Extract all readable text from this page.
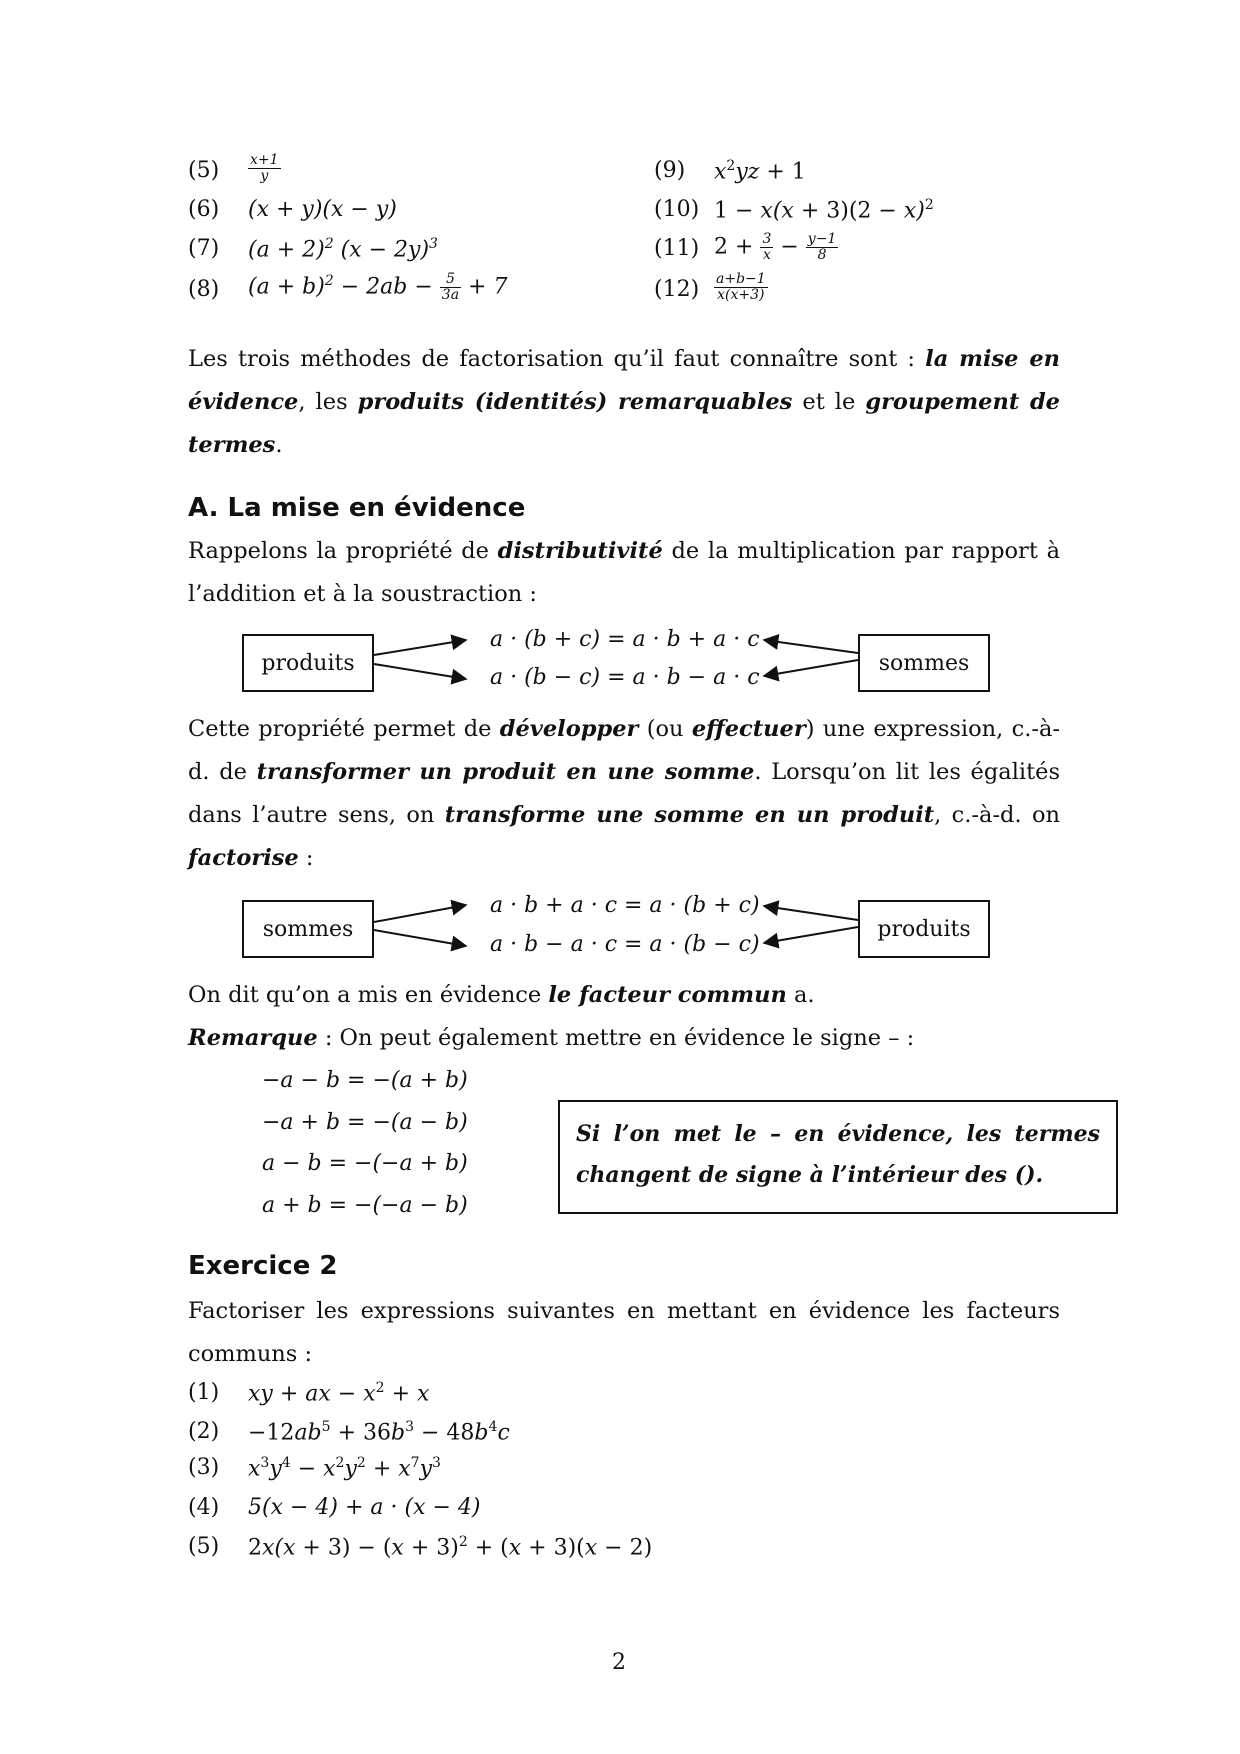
$(5) \frac{x+1}{y}$
(6) (x + y)(x − y)
(7) $(a + 2)^2$ $(x - 2y)^3$
(8) $(a + b)^2 - 2ab - \frac{5}{3a} + 7$
(9) $x^2yz + 1$
(10) $1 - x(x + 3)(2 - x)^2$
(11) $2 + \frac{3}{x} - \frac{y-1}{8}$
$(12) \frac{a+b-1}{x(x+3)}$

Les trois méthodes de factorisation qu’il faut connaître sont : la mise en évidence, les produits (identités) remarquables et le groupement de termes.

A. La mise en évidence

Rappelons la propriété de distributivité de la multiplication par rapport à l’addition et à la soustraction :

produits
a · (b + c) = a · b + a · c
a · (b − c) = a · b − a · c
sommes

Cette propriété permet de développer (ou effectuer) une expression, c.-à-d. de transformer un produit en une somme. Lorsqu’on lit les égalités dans l’autre sens, on transforme une somme en un produit, c.-à-d. on factorise :

sommes
a · b + a · c = a · (b + c)
a · b − a · c = a · (b − c)
produits

On dit qu’on a mis en évidence le facteur commun a.

Remarque : On peut également mettre en évidence le signe – :

−a − b = −(a + b)
−a + b = −(a − b)
a − b = −(−a + b)
a + b = −(−a − b)
Si l’on met le – en évidence, les termes
changent de signe à l’intérieur des ().
Exercice 2

Factoriser les expressions suivantes en mettant en évidence les facteurs communs :

(1) xy + ax − $x^2 + x$
$(2) -12ab^5 + 36b^3 - 48b^4c$
(3) $x^3y^4 - x^2y^2 + x^7y^3$
(4) 5(x − 4) + a · (x − 4)
(5) $2x(x + 3) - (x + 3)^2 + (x + 3)(x - 2)$
2
